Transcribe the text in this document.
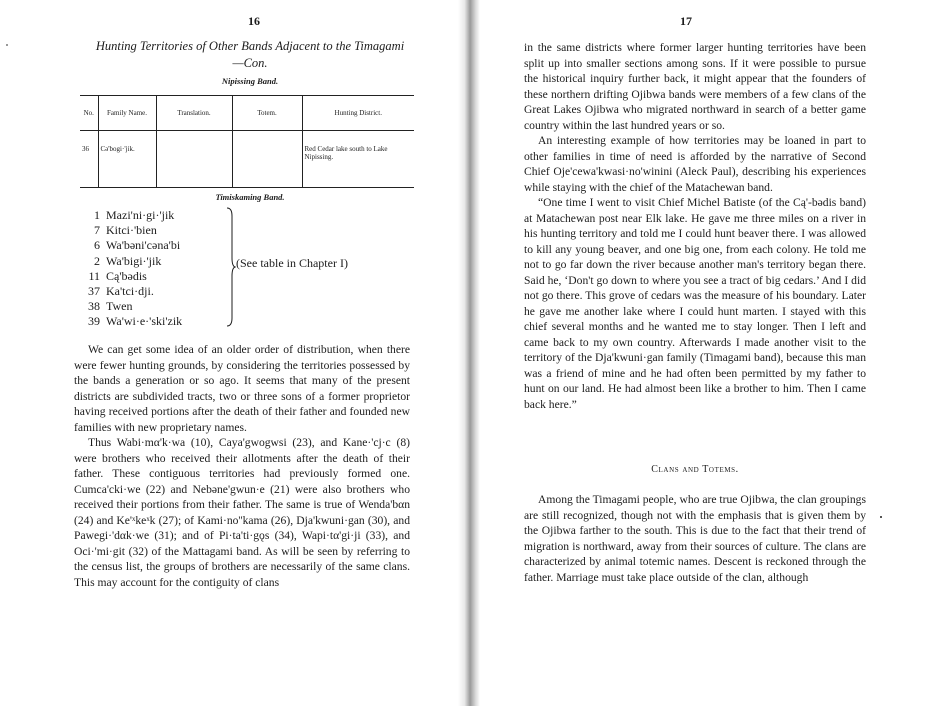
16
Hunting Territories of Other Bands Adjacent to the Timagami
—Con.
Nipissing Band.
No.	Family Name.	Translation.	Totem.	Hunting District.
36	Cə'bogi·'jik.			Red Cedar lake south to Lake Nipissing.
Timiskaming Band.
1 Mazi'ni·gi·'jik
7 Kitci·'bien
6 Wa'bəni'cəna'bi
2 Wa'bigi·'jik
11 Cą'bədis
37 Ka'tci·dji.
38 Twen
39 Wa'wi·e·'ski'zik
(See table in Chapter I)

We can get some idea of an older order of distribution, when there were fewer hunting grounds, by considering the territories possessed by the bands a generation or so ago. It seems that many of the present districts are subdivided tracts, two or three sons of a former proprietor having received portions after the death of their father and founded new families with new proprietary names.

Thus Wabi·mα'k·wa (10), Caya'gwogwsi (23), and Kane·'cj·c (8) were brothers who received their allotments after the death of their father. These contiguous territories had previously formed one. Cumca'cki·we (22) and Nebəne'gwun·e (21) were also brothers who received their portions from their father. The same is true of Wenda'bαn (24) and Ke'ˣkeˣk (27); of Kami·no''kama (26), Dja'kwuni·gan (30), and Pawegi·'dαk·we (31); and of Pi·ta'ti·gǫs (34), Wapi·tα'gi·ji (33), and Oci·'mi·git (32) of the Mattagami band. As will be seen by referring to the census list, the groups of brothers are necessarily of the same clans. This may account for the contiguity of clans

17

in the same districts where former larger hunting territories have been split up into smaller sections among sons. If it were possible to pursue the historical inquiry further back, it might appear that the founders of these northern drifting Ojibwa bands were members of a few clans of the Great Lakes Ojibwa who migrated northward in search of a better game country within the last hundred years or so.

An interesting example of how territories may be loaned in part to other families in time of need is afforded by the narrative of Second Chief Oje'cewa'kwasi·no'winini (Aleck Paul), describing his experiences while staying with the chief of the Matachewan band.

“One time I went to visit Chief Michel Batiste (of the Cą'-bədis band) at Matachewan post near Elk lake. He gave me three miles on a river in his hunting territory and told me I could hunt beaver there. I was allowed to kill any young beaver, and one big one, from each colony. He told me not to go far down the river because another man's territory began there. Said he, ‘Don't go down to where you see a tract of big cedars.’ And I did not go there. This grove of cedars was the measure of his boundary. Later he gave me another lake where I could hunt marten. I stayed with this chief several months and he wanted me to stay longer. Then I left and came back to my own country. Afterwards I made another visit to the territory of the Dja'kwuni·gan family (Timagami band), because this man was a friend of mine and he had often been permitted by my father to hunt on our land. He had almost been like a brother to him. Then I came back here.”

Clans and Totems.

Among the Timagami people, who are true Ojibwa, the clan groupings are still recognized, though not with the emphasis that is given them by the Ojibwa farther to the south. This is due to the fact that their trend of migration is northward, away from their sources of culture. The clans are characterized by animal totemic names. Descent is reckoned through the father. Marriage must take place outside of the clan, although
